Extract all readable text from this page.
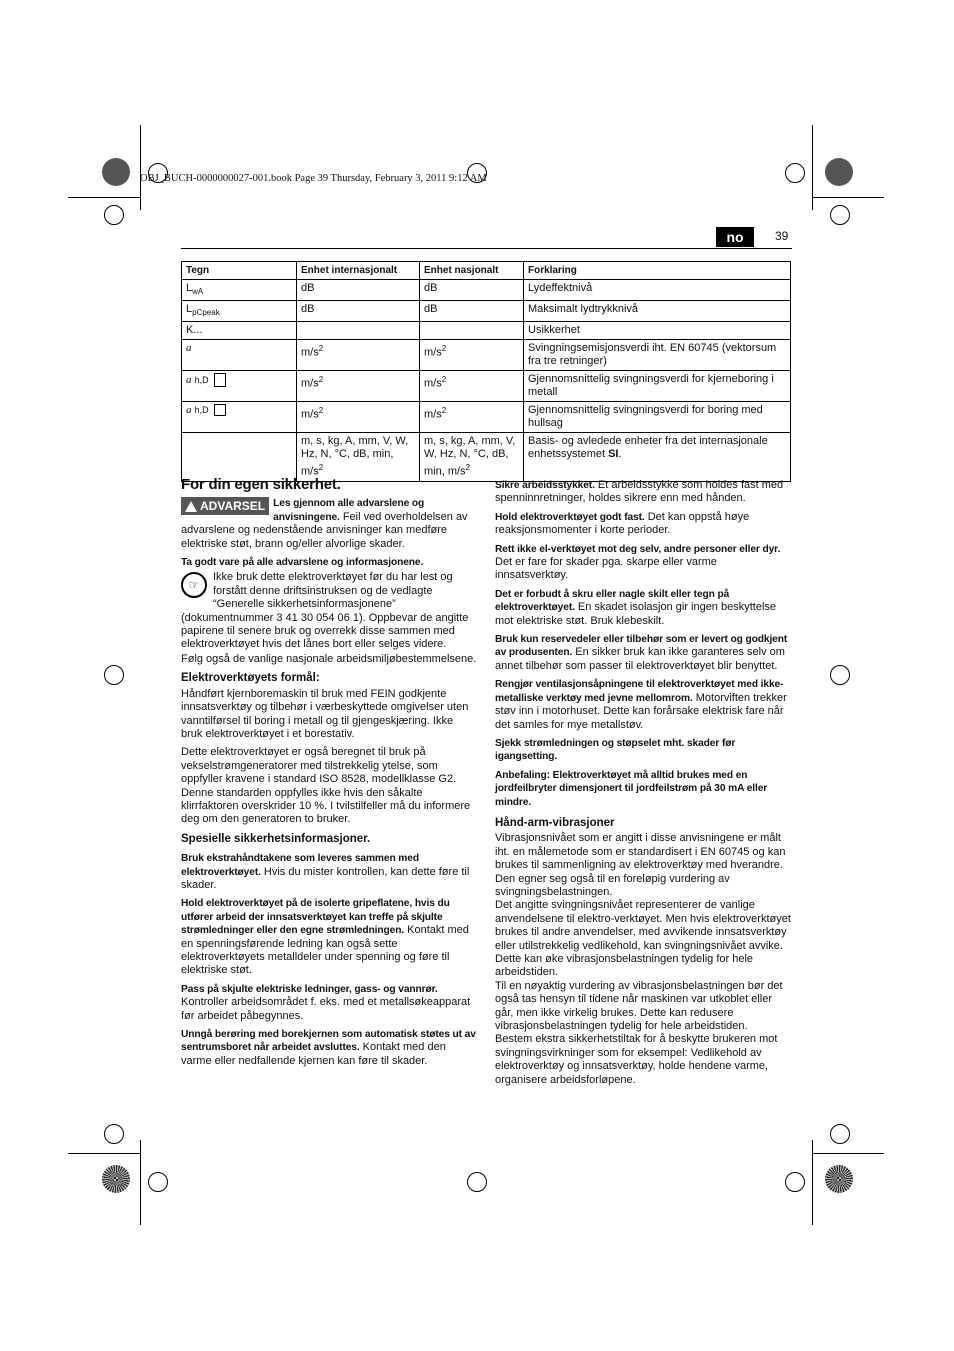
OBJ_BUCH-0000000027-001.book Page 39 Thursday, February 3, 2011 9:12 AM
no	39
Tegn	Enhet internasjonalt	Enhet nasjonalt	Forklaring
$L_{wA}$	dB	dB	Lydeffektnivå
$L_{pCpeak}$	dB	dB	Maksimalt lydtrykknivå
K...			Usikkerhet
a	$m/s^2$	$m/s^2$	Svingningsemisjonsverdi iht. EN 60745 (vektorsum fra tre retninger)
a h,D	$m/s^2$	$m/s^2$	Gjennomsnittelig svingningsverdi for kjerneboring i metall
a h,D	$m/s^2$	$m/s^2$	Gjennomsnittelig svingningsverdi for boring med hullsag
	m, s, kg, A, mm, V, W, Hz, N, °C, dB, min, $m/s^2$	m, s, kg, A, mm, V, W, Hz, N, °C, dB, min, $m/s^2$	Basis- og avledede enheter fra det internasjonale enhetssystemet SI.
For din egen sikkerhet.

ADVARSEL Les gjennom alle advarslene og anvisningene. Feil ved overholdelsen av advarslene og nedenstående anvisninger kan medføre elektriske støt, brann og/eller alvorlige skader.

Ta godt vare på alle advarslene og informasjonene.

☞
Ikke bruk dette elektroverktøyet før du har lest og forstått denne driftsinstruksen og de vedlagte “Generelle sikkerhetsinformasjonene” (dokumentnummer 3 41 30 054 06 1). Oppbevar de angitte papirene til senere bruk og overrekk disse sammen med elektroverktøyet hvis det lånes bort eller selges videre.

Følg også de vanlige nasjonale arbeidsmiljøbestemmelsene.

Elektroverktøyets formål:

Håndført kjernboremaskin til bruk med FEIN godkjente innsatsverktøy og tilbehør i værbeskyttede omgivelser uten vanntilførsel til boring i metall og til gjengeskjæring. Ikke bruk elektroverktøyet i et borestativ.

Dette elektroverktøyet er også beregnet til bruk på vekselstrømgeneratorer med tilstrekkelig ytelse, som oppfyller kravene i standard ISO 8528, modellklasse G2. Denne standarden oppfylles ikke hvis den såkalte klirrfaktoren overskrider 10 %. I tvilstilfeller må du informere deg om den generatoren to bruker.

Spesielle sikkerhetsinformasjoner.

Bruk ekstrahåndtakene som leveres sammen med elektroverktøyet. Hvis du mister kontrollen, kan dette føre til skader.

Hold elektroverktøyet på de isolerte gripeflatene, hvis du utfører arbeid der innsatsverktøyet kan treffe på skjulte strømledninger eller den egne strømledningen. Kontakt med en spenningsførende ledning kan også sette elektroverktøyets metalldeler under spenning og føre til elektriske støt.

Pass på skjulte elektriske ledninger, gass- og vannrør. Kontroller arbeidsområdet f. eks. med et metallsøkeapparat før arbeidet påbegynnes.

Unngå berøring med borekjernen som automatisk støtes ut av sentrumsboret når arbeidet avsluttes. Kontakt med den varme eller nedfallende kjernen kan føre til skader.

Sikre arbeidsstykket. Et arbeidsstykke som holdes fast med spenninnretninger, holdes sikrere enn med hånden.

Hold elektroverktøyet godt fast. Det kan oppstå høye reaksjonsmomenter i korte perioder.

Rett ikke el-verktøyet mot deg selv, andre personer eller dyr. Det er fare for skader pga. skarpe eller varme innsatsverktøy.

Det er forbudt å skru eller nagle skilt eller tegn på elektroverktøyet. En skadet isolasjon gir ingen beskyttelse mot elektriske støt. Bruk klebeskilt.

Bruk kun reservedeler eller tilbehør som er levert og godkjent av produsenten. En sikker bruk kan ikke garanteres selv om annet tilbehør som passer til elektroverktøyet blir benyttet.

Rengjør ventilasjonsåpningene til elektroverktøyet med ikke-metalliske verktøy med jevne mellomrom. Motorviften trekker støv inn i motorhuset. Dette kan forårsake elektrisk fare når det samles for mye metallstøv.

Sjekk strømledningen og støpselet mht. skader før igangsetting.

Anbefaling: Elektroverktøyet må alltid brukes med en jordfeilbryter dimensjonert til jordfeilstrøm på 30 mA eller mindre.

Hånd-arm-vibrasjoner

Vibrasjonsnivået som er angitt i disse anvisningene er målt iht. en målemetode som er standardisert i EN 60745 og kan brukes til sammenligning av elektroverktøy med hverandre. Den egner seg også til en foreløpig vurdering av svingningsbelastningen.

Det angitte svingningsnivået representerer de vanlige anvendelsene til elektro-verktøyet. Men hvis elektroverktøyet brukes til andre anvendelser, med avvikende innsatsverktøy eller utilstrekkelig vedlikehold, kan svingningsnivået avvike. Dette kan øke vibrasjonsbelastningen tydelig for hele arbeidstiden.

Til en nøyaktig vurdering av vibrasjonsbelastningen bør det også tas hensyn til tidene når maskinen var utkoblet eller går, men ikke virkelig brukes. Dette kan redusere vibrasjonsbelastningen tydelig for hele arbeidstiden.

Bestem ekstra sikkerhetstiltak for å beskytte brukeren mot svingningsvirkninger som for eksempel: Vedlikehold av elektroverktøy og innsatsverktøy, holde hendene varme, organisere arbeidsforløpene.
